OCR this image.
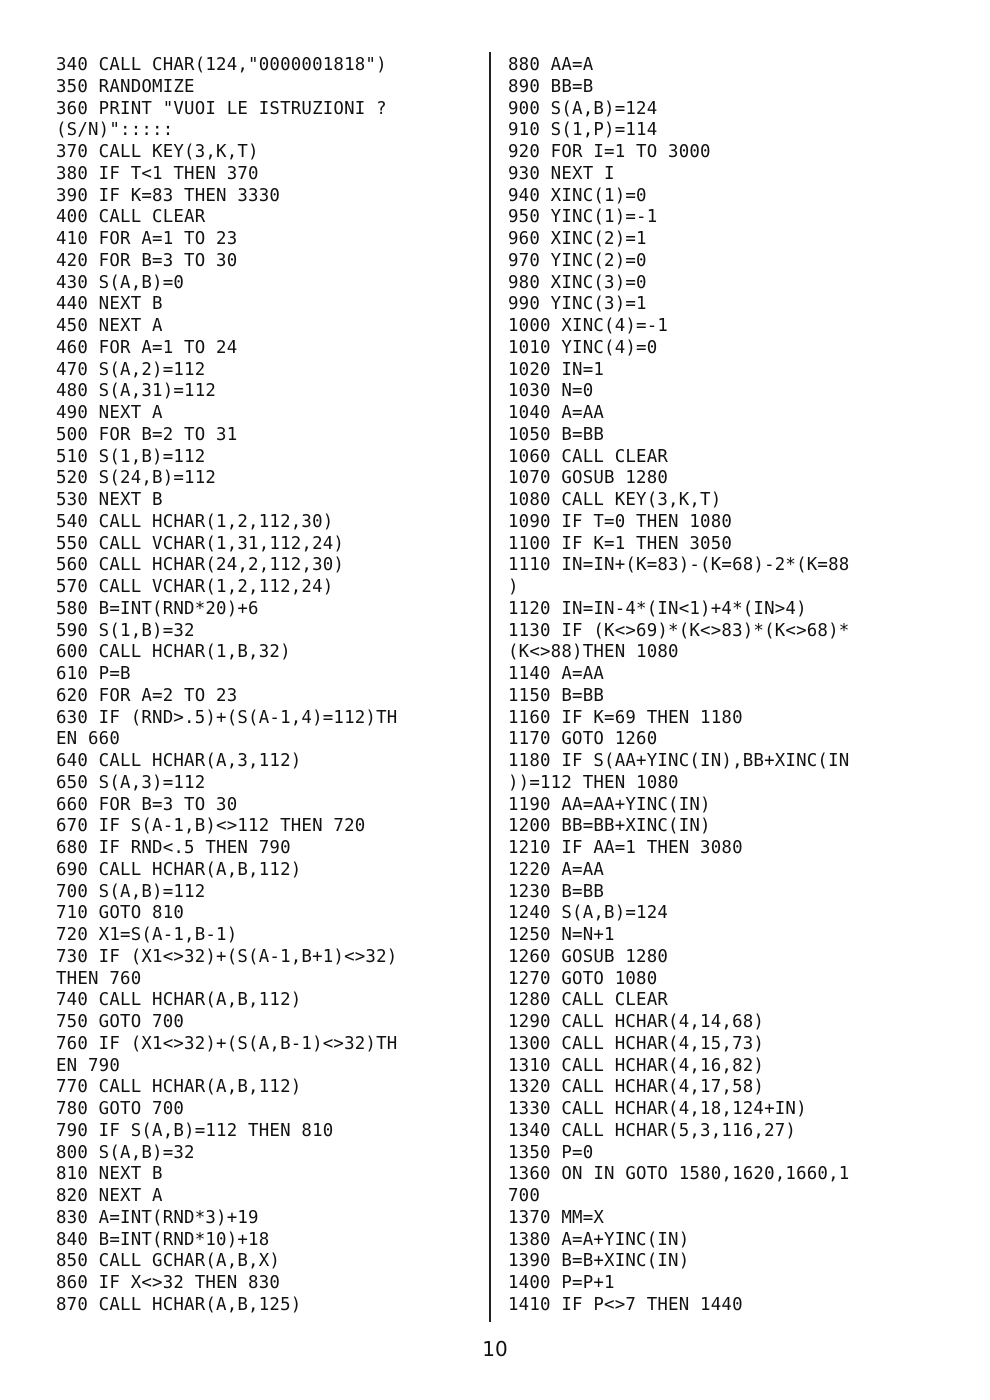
340 CALL CHAR(124,"0000001818")
350 RANDOMIZE
360 PRINT "VUOI LE ISTRUZIONI ?
(S/N)":::::
370 CALL KEY(3,K,T)
380 IF T<1 THEN 370
390 IF K=83 THEN 3330
400 CALL CLEAR
410 FOR A=1 TO 23
420 FOR B=3 TO 30
430 S(A,B)=0
440 NEXT B
450 NEXT A
460 FOR A=1 TO 24
470 S(A,2)=112
480 S(A,31)=112
490 NEXT A
500 FOR B=2 TO 31
510 S(1,B)=112
520 S(24,B)=112
530 NEXT B
540 CALL HCHAR(1,2,112,30)
550 CALL VCHAR(1,31,112,24)
560 CALL HCHAR(24,2,112,30)
570 CALL VCHAR(1,2,112,24)
580 B=INT(RND*20)+6
590 S(1,B)=32
600 CALL HCHAR(1,B,32)
610 P=B
620 FOR A=2 TO 23
630 IF (RND>.5)+(S(A-1,4)=112)TH
EN 660
640 CALL HCHAR(A,3,112)
650 S(A,3)=112
660 FOR B=3 TO 30
670 IF S(A-1,B)<>112 THEN 720
680 IF RND<.5 THEN 790
690 CALL HCHAR(A,B,112)
700 S(A,B)=112
710 GOTO 810
720 X1=S(A-1,B-1)
730 IF (X1<>32)+(S(A-1,B+1)<>32)
THEN 760
740 CALL HCHAR(A,B,112)
750 GOTO 700
760 IF (X1<>32)+(S(A,B-1)<>32)TH
EN 790
770 CALL HCHAR(A,B,112)
780 GOTO 700
790 IF S(A,B)=112 THEN 810
800 S(A,B)=32
810 NEXT B
820 NEXT A
830 A=INT(RND*3)+19
840 B=INT(RND*10)+18
850 CALL GCHAR(A,B,X)
860 IF X<>32 THEN 830
870 CALL HCHAR(A,B,125)
880 AA=A
890 BB=B
900 S(A,B)=124
910 S(1,P)=114
920 FOR I=1 TO 3000
930 NEXT I
940 XINC(1)=0
950 YINC(1)=-1
960 XINC(2)=1
970 YINC(2)=0
980 XINC(3)=0
990 YINC(3)=1
1000 XINC(4)=-1
1010 YINC(4)=0
1020 IN=1
1030 N=0
1040 A=AA
1050 B=BB
1060 CALL CLEAR
1070 GOSUB 1280
1080 CALL KEY(3,K,T)
1090 IF T=0 THEN 1080
1100 IF K=1 THEN 3050
1110 IN=IN+(K=83)-(K=68)-2*(K=88
)
1120 IN=IN-4*(IN<1)+4*(IN>4)
1130 IF (K<>69)*(K<>83)*(K<>68)*
(K<>88)THEN 1080
1140 A=AA
1150 B=BB
1160 IF K=69 THEN 1180
1170 GOTO 1260
1180 IF S(AA+YINC(IN),BB+XINC(IN
))=112 THEN 1080
1190 AA=AA+YINC(IN)
1200 BB=BB+XINC(IN)
1210 IF AA=1 THEN 3080
1220 A=AA
1230 B=BB
1240 S(A,B)=124
1250 N=N+1
1260 GOSUB 1280
1270 GOTO 1080
1280 CALL CLEAR
1290 CALL HCHAR(4,14,68)
1300 CALL HCHAR(4,15,73)
1310 CALL HCHAR(4,16,82)
1320 CALL HCHAR(4,17,58)
1330 CALL HCHAR(4,18,124+IN)
1340 CALL HCHAR(5,3,116,27)
1350 P=0
1360 ON IN GOTO 1580,1620,1660,1
700
1370 MM=X
1380 A=A+YINC(IN)
1390 B=B+XINC(IN)
1400 P=P+1
1410 IF P<>7 THEN 1440
10
